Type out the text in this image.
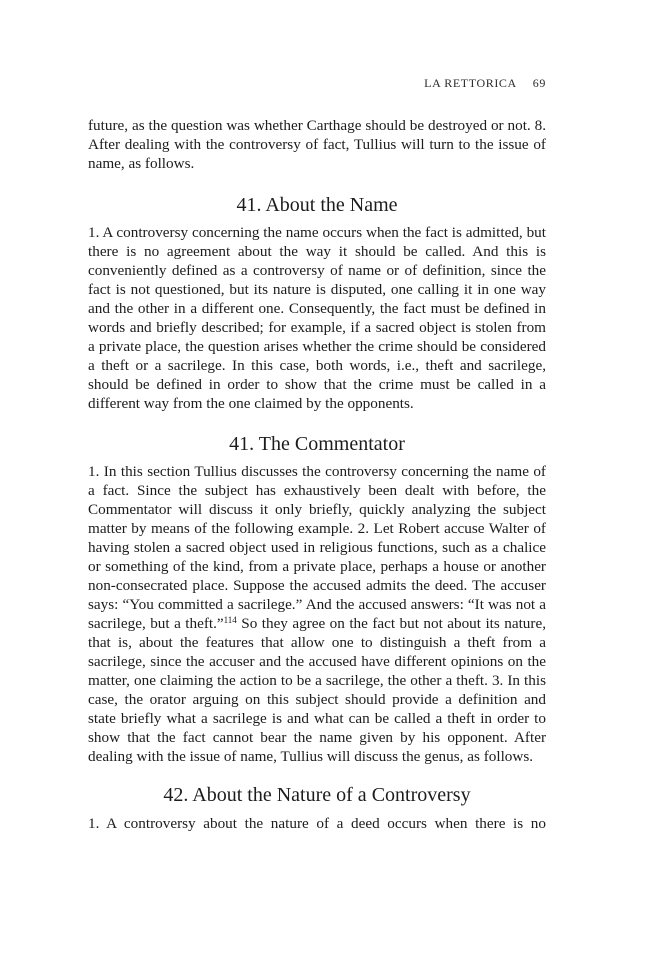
LA RETTORICA 69

future, as the question was whether Carthage should be destroyed or not. 8. After dealing with the controversy of fact, Tullius will turn to the issue of name, as follows.

41. About the Name

1. A controversy concerning the name occurs when the fact is admitted, but there is no agreement about the way it should be called. And this is conveniently defined as a controversy of name or of definition, since the fact is not questioned, but its nature is disputed, one calling it in one way and the other in a different one. Consequently, the fact must be defined in words and briefly described; for example, if a sacred object is stolen from a private place, the question arises whether the crime should be considered a theft or a sacrilege. In this case, both words, i.e., theft and sacrilege, should be defined in order to show that the crime must be called in a different way from the one claimed by the opponents.

41. The Commentator

1. In this section Tullius discusses the controversy concerning the name of a fact. Since the subject has exhaustively been dealt with before, the Commentator will discuss it only briefly, quickly analyzing the subject matter by means of the following example. 2. Let Robert accuse Walter of having stolen a sacred object used in religious functions, such as a chalice or something of the kind, from a private place, perhaps a house or another non-consecrated place. Suppose the accused admits the deed. The accuser says: “You committed a sacrilege.” And the accused answers: “It was not a sacrilege, but a theft.”$^{114}$ So they agree on the fact but not about its nature, that is, about the features that allow one to distinguish a theft from a sacrilege, since the accuser and the accused have different opinions on the matter, one claiming the action to be a sacrilege, the other a theft. 3. In this case, the orator arguing on this subject should provide a definition and state briefly what a sacrilege is and what can be called a theft in order to show that the fact cannot bear the name given by his opponent. After dealing with the issue of name, Tullius will discuss the genus, as follows.

42. About the Nature of a Controversy

1. A controversy about the nature of a deed occurs when there is no
